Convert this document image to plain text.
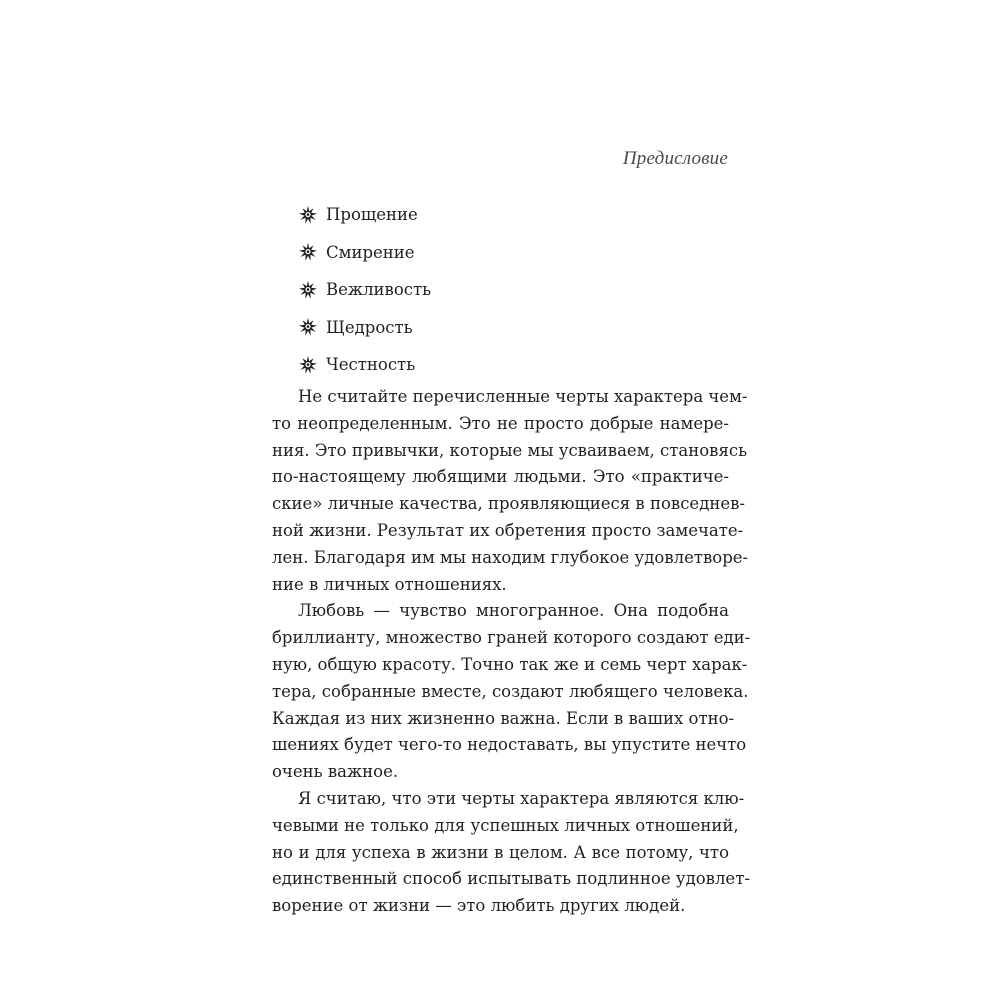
Предисловие
Прощение
Смирение
Вежливость
Щедрость
Честность

Не считайте перечисленные черты характера чем-
то неопределенным. Это не просто добрые намере-
ния. Это привычки, которые мы усваиваем, становясь
по-настоящему любящими людьми. Это «практиче-
ские» личные качества, проявляющиеся в повседнев-
ной жизни. Результат их обретения просто замечате-
лен. Благодаря им мы находим глубокое удовлетворе-
ние в личных отношениях.

Любовь — чувство многогранное. Она подобна
бриллианту, множество граней которого создают еди-
ную, общую красоту. Точно так же и семь черт харак-
тера, собранные вместе, создают любящего человека.
Каждая из них жизненно важна. Если в ваших отно-
шениях будет чего-то недоставать, вы упустите нечто
очень важное.

Я считаю, что эти черты характера являются клю-
чевыми не только для успешных личных отношений,
но и для успеха в жизни в целом. А все потому, что
единственный способ испытывать подлинное удовлет-
ворение от жизни — это любить других людей.
